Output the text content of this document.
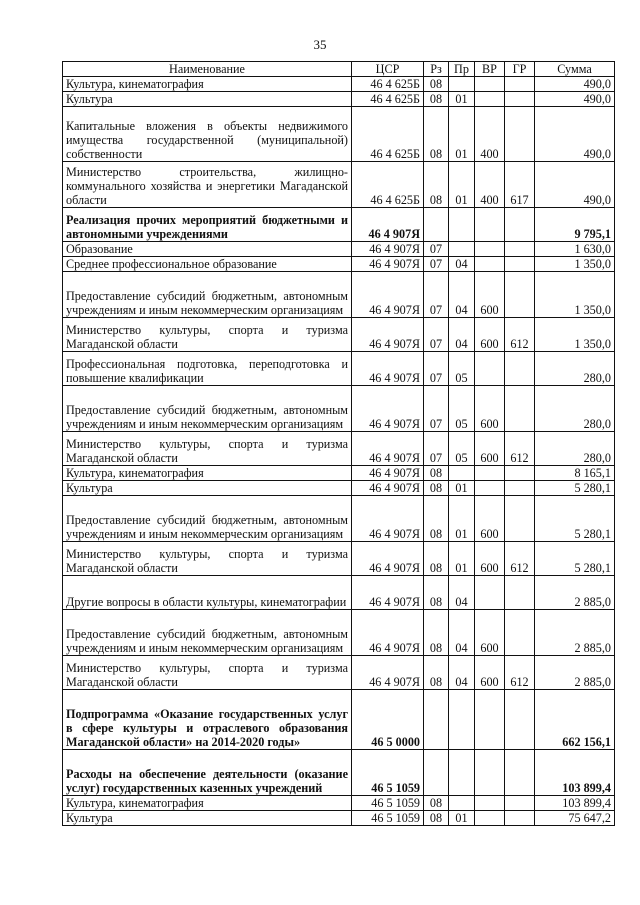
35
Наименование	ЦСР	Рз	Пр	ВР	ГР	Сумма
Культура, кинематография	46 4 625Б	08				490,0
Культура	46 4 625Б	08	01			490,0
Капитальные вложения в объекты недвижимого имущества государственной (муниципальной) собственности	46 4 625Б	08	01	400		490,0
Министерство строительства, жилищно-коммунального хозяйства и энергетики Магаданской области	46 4 625Б	08	01	400	617	490,0
Реализация прочих мероприятий бюджетными и автономными учреждениями	46 4 907Я					9 795,1
Образование	46 4 907Я	07				1 630,0
Среднее профессиональное образование	46 4 907Я	07	04			1 350,0
Предоставление субсидий бюджетным, автономным учреждениям и иным некоммерческим организациям	46 4 907Я	07	04	600		1 350,0
Министерство культуры, спорта и туризма Магаданской области	46 4 907Я	07	04	600	612	1 350,0
Профессиональная подготовка, переподготовка и повышение квалификации	46 4 907Я	07	05			280,0
Предоставление субсидий бюджетным, автономным учреждениям и иным некоммерческим организациям	46 4 907Я	07	05	600		280,0
Министерство культуры, спорта и туризма Магаданской области	46 4 907Я	07	05	600	612	280,0
Культура, кинематография	46 4 907Я	08				8 165,1
Культура	46 4 907Я	08	01			5 280,1
Предоставление субсидий бюджетным, автономным учреждениям и иным некоммерческим организациям	46 4 907Я	08	01	600		5 280,1
Министерство культуры, спорта и туризма Магаданской области	46 4 907Я	08	01	600	612	5 280,1
Другие вопросы в области культуры, кинематографии	46 4 907Я	08	04			2 885,0
Предоставление субсидий бюджетным, автономным учреждениям и иным некоммерческим организациям	46 4 907Я	08	04	600		2 885,0
Министерство культуры, спорта и туризма Магаданской области	46 4 907Я	08	04	600	612	2 885,0
Подпрограмма «Оказание государственных услуг в сфере культуры и отраслевого образования Магаданской области» на 2014-2020 годы»	46 5 0000					662 156,1
Расходы на обеспечение деятельности (оказание услуг) государственных казенных учреждений	46 5 1059					103 899,4
Культура, кинематография	46 5 1059	08				103 899,4
Культура	46 5 1059	08	01			75 647,2
